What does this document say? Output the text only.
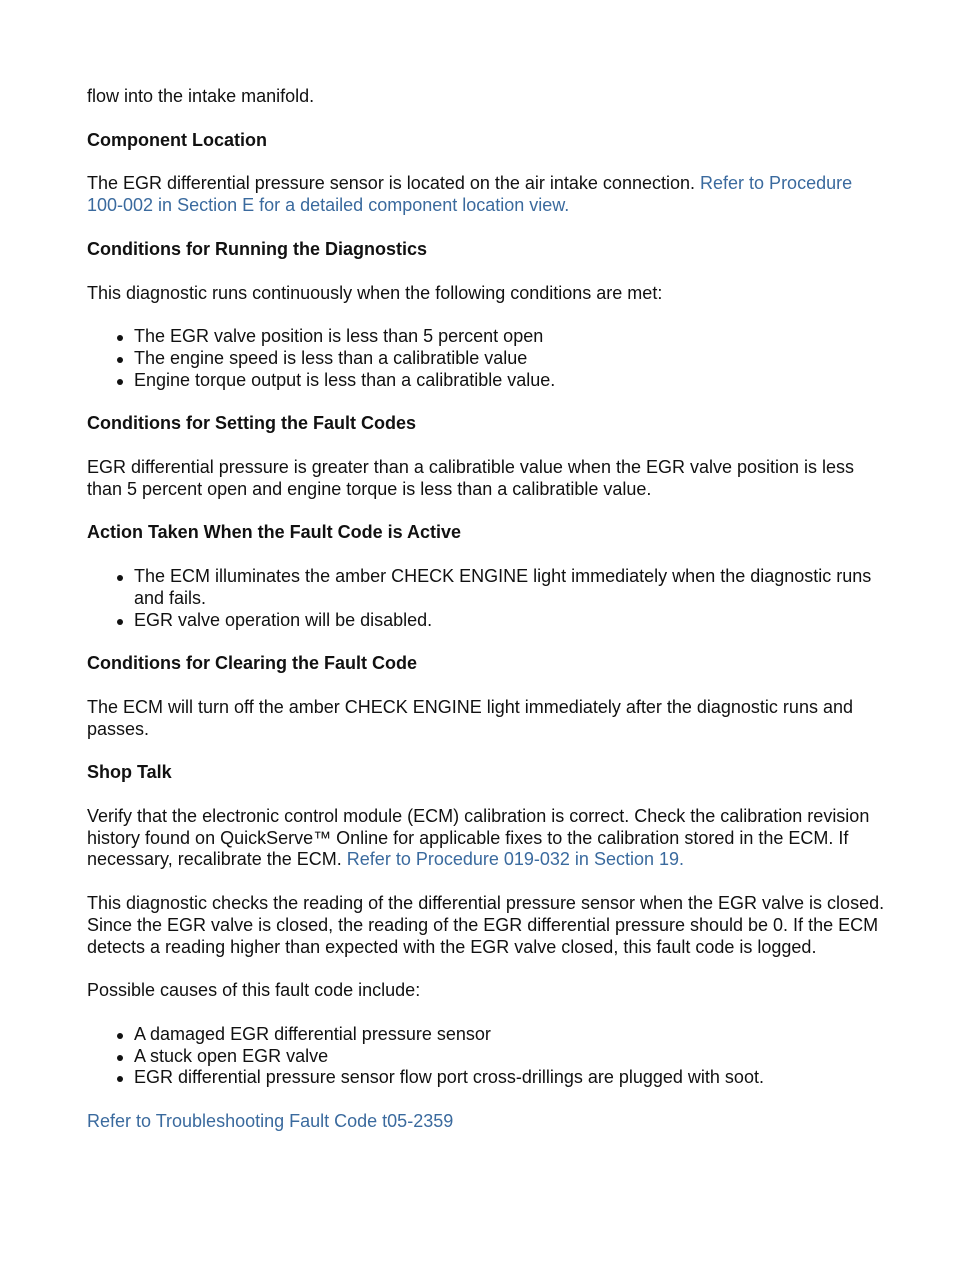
flow into the intake manifold.

Component Location

The EGR differential pressure sensor is located on the air intake connection. Refer to Procedure 100-002 in Section E for a detailed component location view.

Conditions for Running the Diagnostics

This diagnostic runs continuously when the following conditions are met:

The EGR valve position is less than 5 percent open
The engine speed is less than a calibratible value
Engine torque output is less than a calibratible value.
Conditions for Setting the Fault Codes

EGR differential pressure is greater than a calibratible value when the EGR valve position is less than 5 percent open and engine torque is less than a calibratible value.

Action Taken When the Fault Code is Active
The ECM illuminates the amber CHECK ENGINE light immediately when the diagnostic runs and fails.
EGR valve operation will be disabled.
Conditions for Clearing the Fault Code

The ECM will turn off the amber CHECK ENGINE light immediately after the diagnostic runs and passes.

Shop Talk

Verify that the electronic control module (ECM) calibration is correct. Check the calibration revision history found on QuickServe™ Online for applicable fixes to the calibration stored in the ECM. If necessary, recalibrate the ECM. Refer to Procedure 019-032 in Section 19.

This diagnostic checks the reading of the differential pressure sensor when the EGR valve is closed. Since the EGR valve is closed, the reading of the EGR differential pressure should be 0. If the ECM detects a reading higher than expected with the EGR valve closed, this fault code is logged.

Possible causes of this fault code include:

A damaged EGR differential pressure sensor
A stuck open EGR valve
EGR differential pressure sensor flow port cross-drillings are plugged with soot.

Refer to Troubleshooting Fault Code t05-2359
